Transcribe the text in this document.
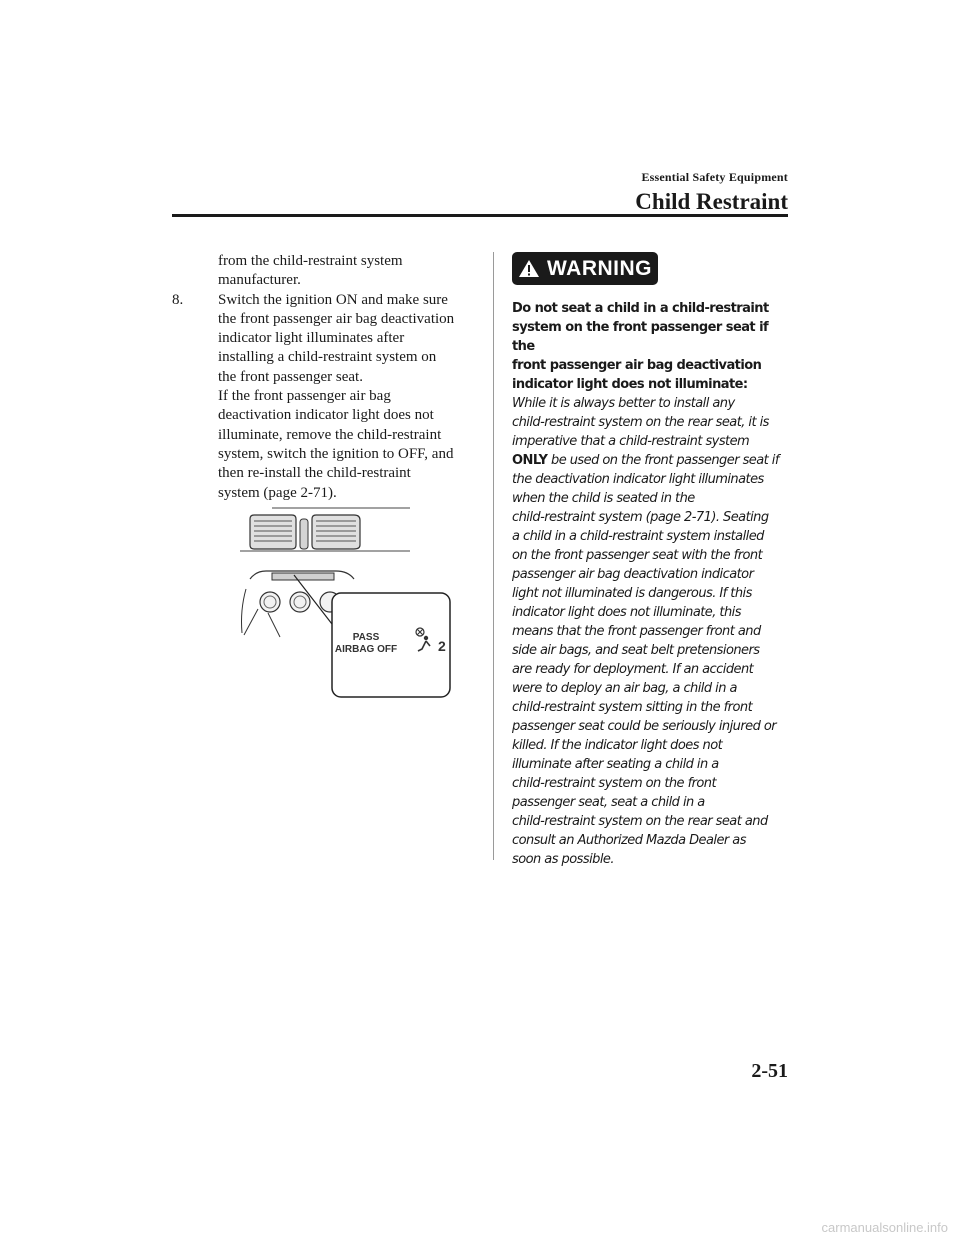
Essential Safety Equipment
Child Restraint

from the child-restraint system

manufacturer.

8.	Switch the ignition ON and make sure

the front passenger air bag deactivation

indicator light illuminates after

installing a child-restraint system on

the front passenger seat.

If the front passenger air bag

deactivation indicator light does not

illuminate, remove the child-restraint

system, switch the ignition to OFF, and

then re-install the child-restraint

system (page 2-71).

PASS
AIRBAG OFF	2
WARNING
Do not seat a child in a child-restraint
system on the front passenger seat if the
front passenger air bag deactivation
indicator light does not illuminate:
While it is always better to install any
child-restraint system on the rear seat, it is
imperative that a child-restraint system
ONLY be used on the front passenger seat if
the deactivation indicator light illuminates
when the child is seated in the
child-restraint system (page 2-71). Seating
a child in a child-restraint system installed
on the front passenger seat with the front
passenger air bag deactivation indicator
light not illuminated is dangerous. If this
indicator light does not illuminate, this
means that the front passenger front and
side air bags, and seat belt pretensioners
are ready for deployment. If an accident
were to deploy an air bag, a child in a
child-restraint system sitting in the front
passenger seat could be seriously injured or
killed. If the indicator light does not
illuminate after seating a child in a
child-restraint system on the front
passenger seat, seat a child in a
child-restraint system on the rear seat and
consult an Authorized Mazda Dealer as
soon as possible.
2-51
carmanualsonline.info
